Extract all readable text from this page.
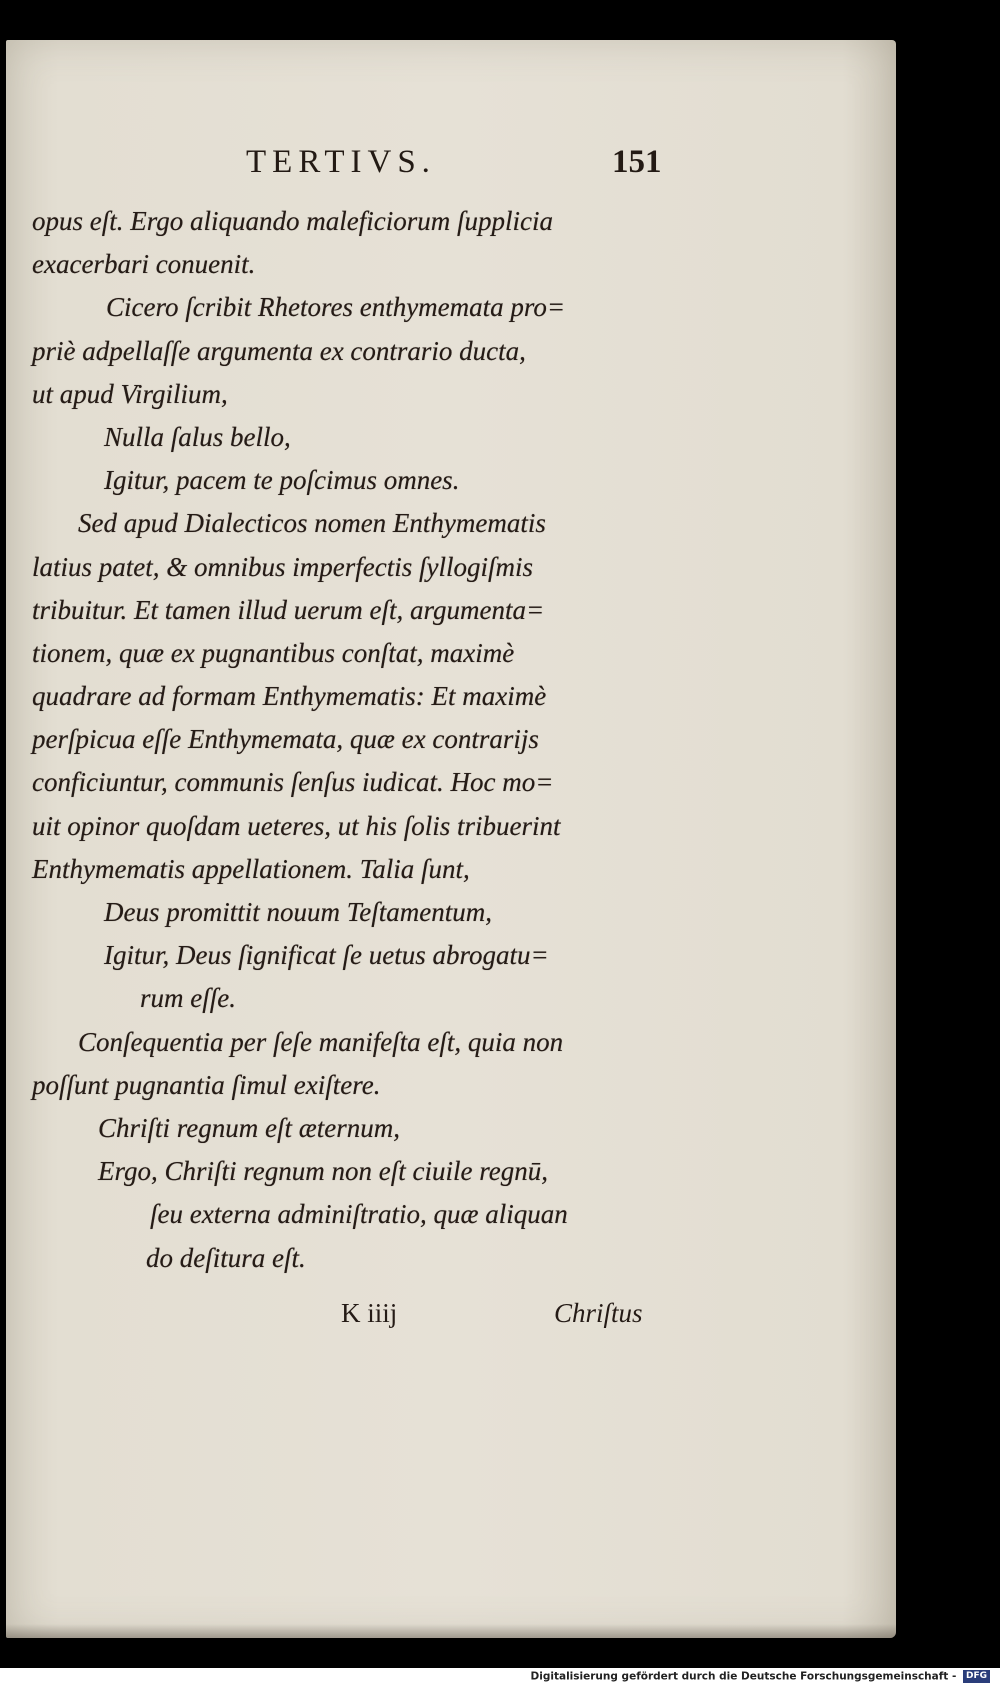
TERTIVS.	151
opus eſt. Ergo aliquando maleficiorum ſupplicia
exacerbari conuenit.
Cicero ſcribit Rhetores enthymemata pro=
priè adpellaſſe argumenta ex contrario ducta,
ut apud Virgilium,
Nulla ſalus bello,
Igitur, pacem te poſcimus omnes.
Sed apud Dialecticos nomen Enthymematis
latius patet, & omnibus imperfectis ſyllogiſmis
tribuitur. Et tamen illud uerum eſt, argumenta=
tionem, quæ ex pugnantibus conſtat, maximè
quadrare ad formam Enthymematis: Et maximè
perſpicua eſſe Enthymemata, quæ ex contrarijs
conficiuntur, communis ſenſus iudicat. Hoc mo=
uit opinor quoſdam ueteres, ut his ſolis tribuerint
Enthymematis appellationem. Talia ſunt,
Deus promittit nouum Teſtamentum,
Igitur, Deus ſignificat ſe uetus abrogatu=
rum eſſe.
Conſequentia per ſeſe manifeſta eſt, quia non
poſſunt pugnantia ſimul exiſtere.
Chriſti regnum eſt æternum,
Ergo, Chriſti regnum non eſt ciuile regnū,
ſeu externa adminiſtratio, quæ aliquan
do deſitura eſt.
K iiij	Chriſtus
Digitalisierung gefördert durch die Deutsche Forschungsgemeinschaft - DFG
